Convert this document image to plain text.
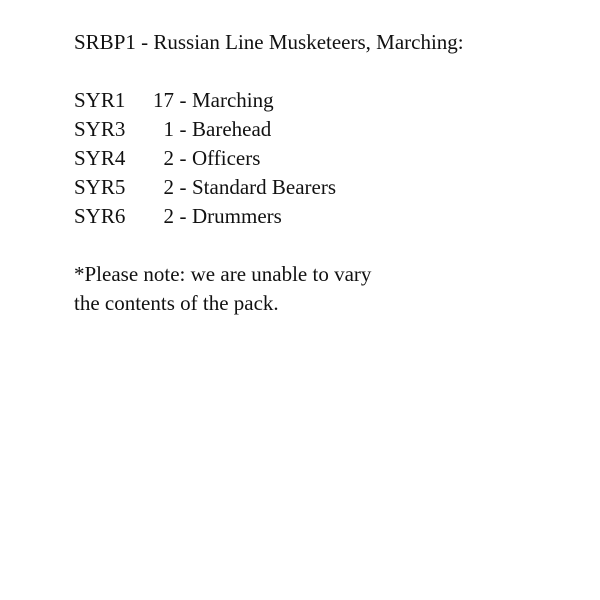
SRBP1 - Russian Line Musketeers, Marching:
SYR1	17 - Marching
SYR3	1 - Barehead
SYR4	2 - Officers
SYR5	2 - Standard Bearers
SYR6	2 - Drummers
*Please note: we are unable to vary the contents of the pack.
